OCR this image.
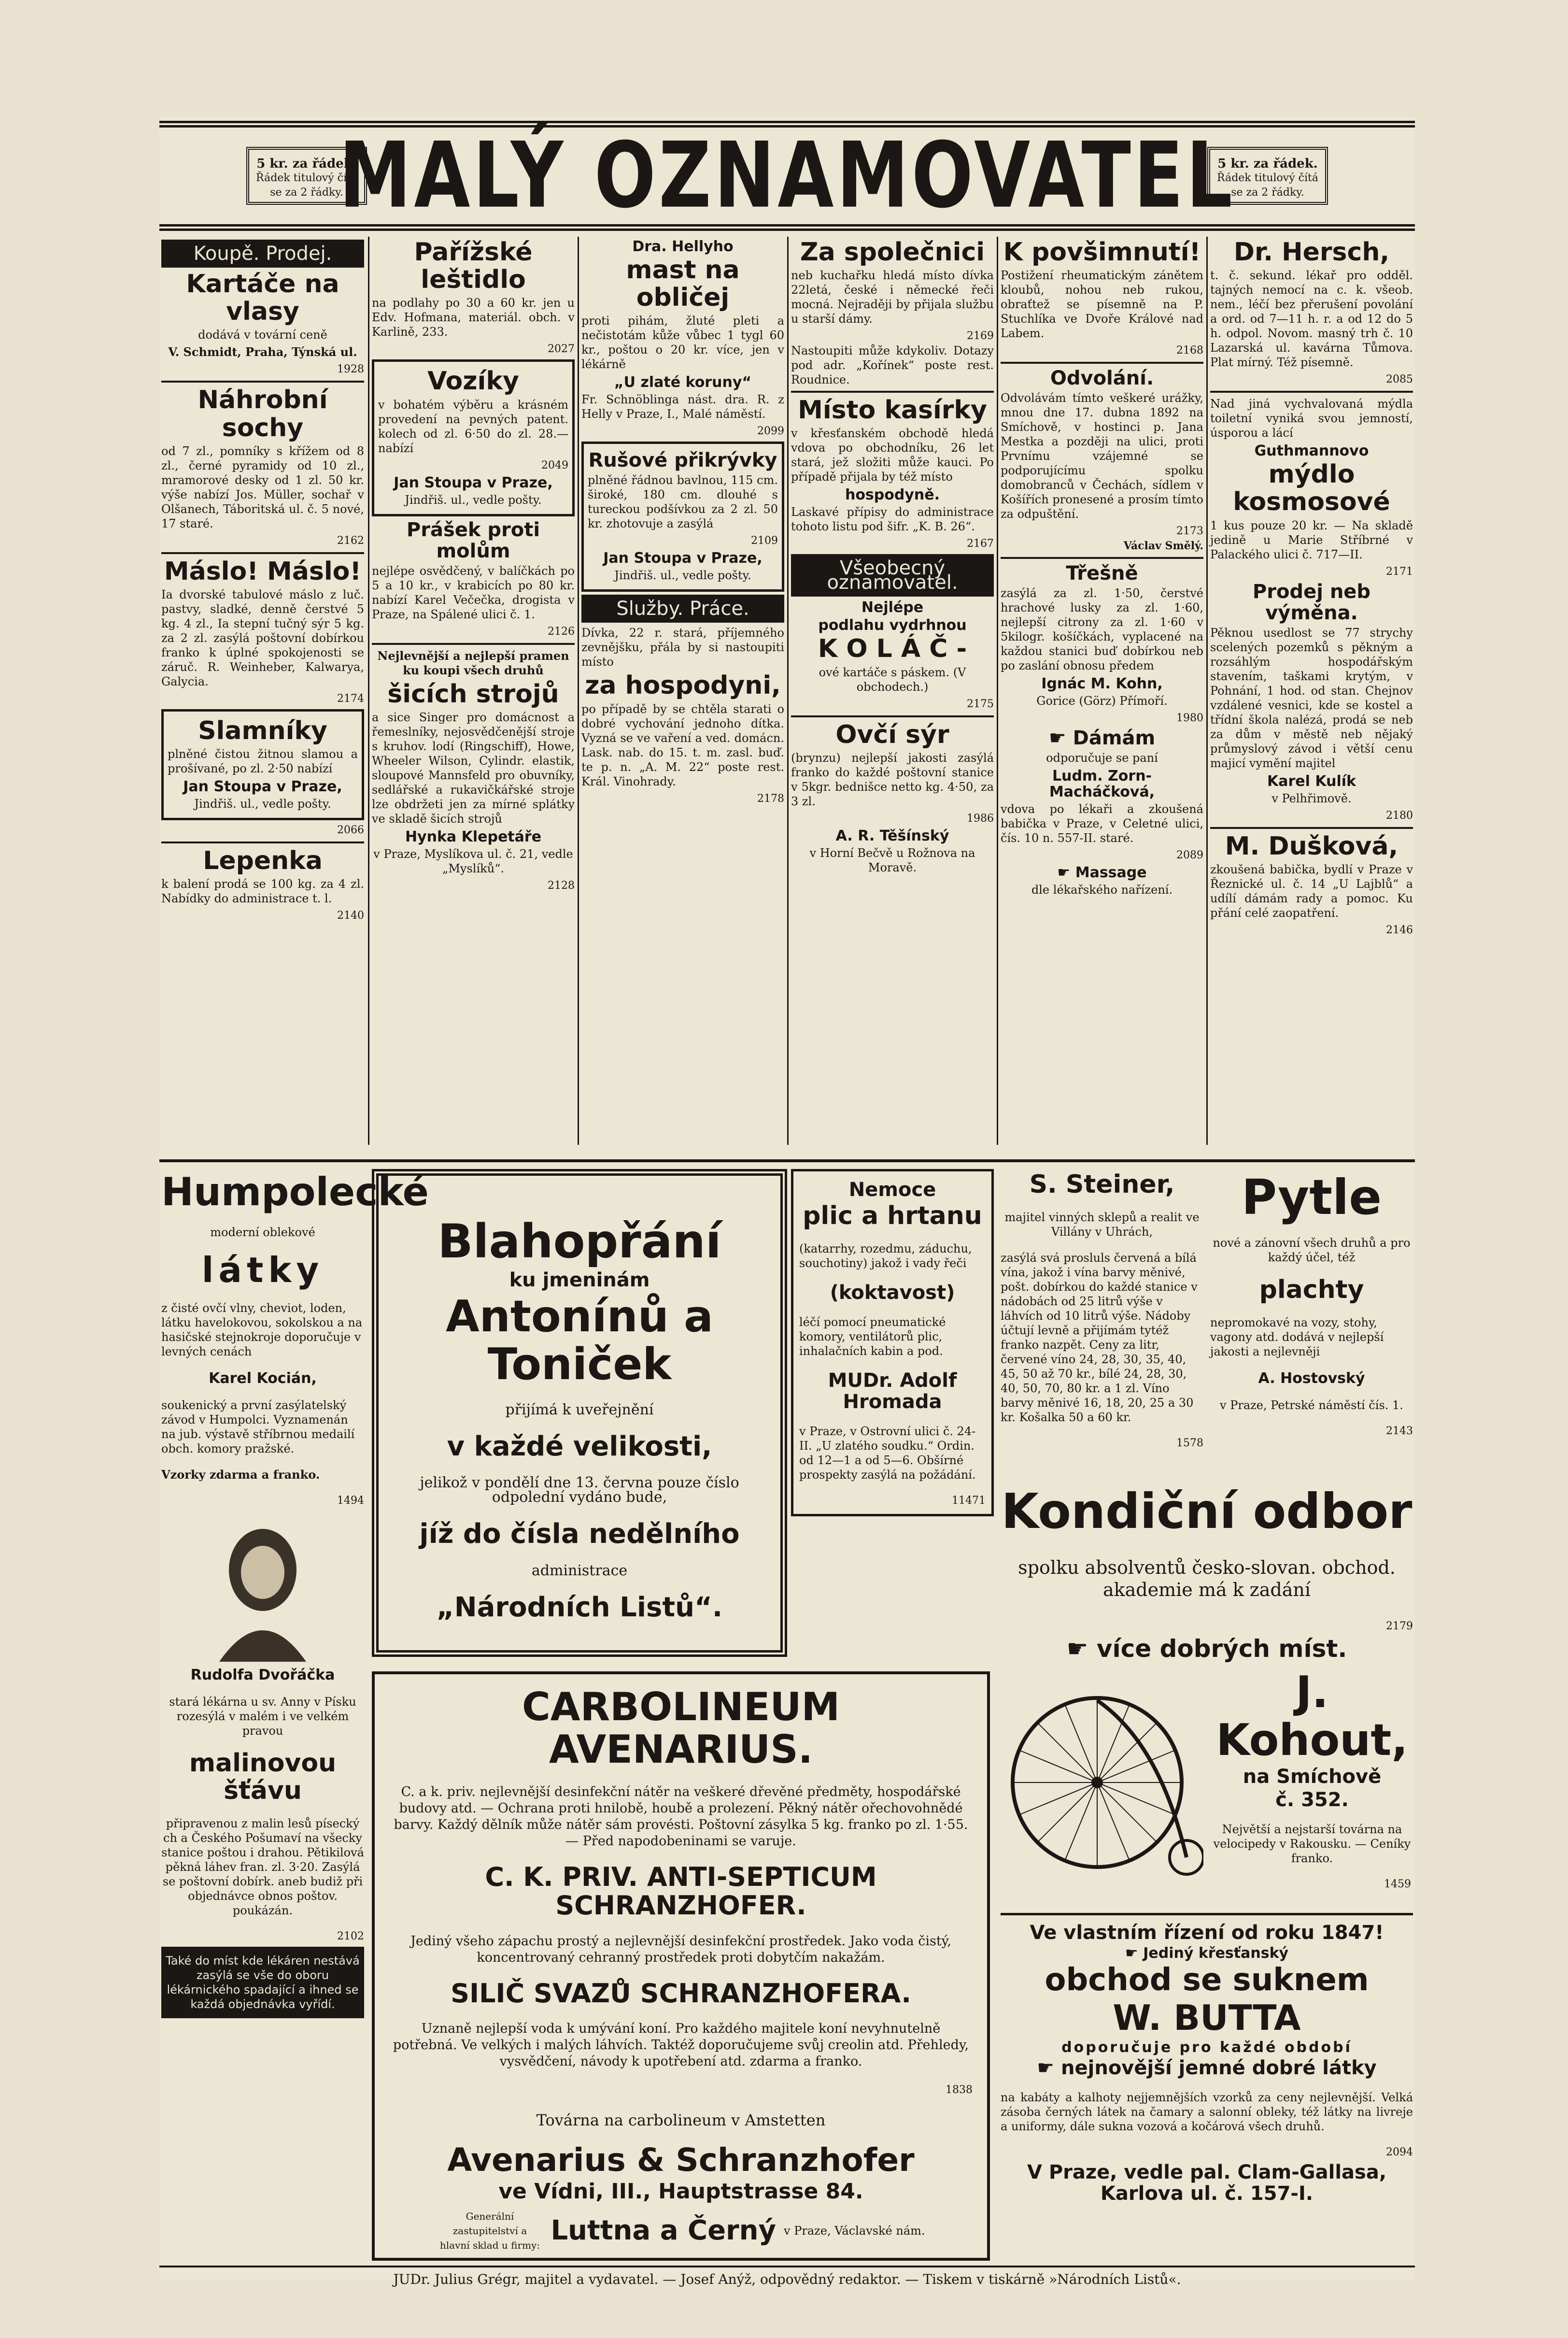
5 kr. za řádek.
Řádek titulový čítá se za 2 řádky.
MALÝ OZNAMOVATEL
5 kr. za řádek.
Řádek titulový čítá se za 2 řádky.
Koupě. Prodej.
Kartáče na vlasy

dodává v tovární ceně

V. Schmidt, Praha, Týnská ul.

1928
Náhrobní sochy

od 7 zl., pomníky s křížem od 8 zl., černé pyramidy od 10 zl., mramorové desky od 1 zl. 50 kr. výše nabízí Jos. Müller, sochař v Olšanech, Táboritská ul. č. 5 nové, 17 staré.

2162
Máslo! Máslo!

Ia dvorské tabulové máslo z luč. pastvy, sladké, denně čerstvé 5 kg. 4 zl., Ia stepní tučný sýr 5 kg. za 2 zl. zasýlá poštovní dobírkou franko k úplné spokojenosti se záruč. R. Weinheber, Kalwarya, Galycia.

2174
Slamníky

plněné čistou žitnou slamou a prošívané, po zl. 2·50 nabízí

Jan Stoupa v Praze,

Jindřiš. ul., vedle pošty.

2066
Lepenka

k balení prodá se 100 kg. za 4 zl. Nabídky do administrace t. l.

2140
Pařížské leštidlo

na podlahy po 30 a 60 kr. jen u Edv. Hofmana, materiál. obch. v Karlině, 233.

2027
Vozíky

v bohatém výběru a krásném provedení na pevných patent. kolech od zl. 6·50 do zl. 28.— nabízí

2049
Jan Stoupa v Praze,

Jindřiš. ul., vedle pošty.

Prášek proti molům

nejlépe osvědčený, v balíčkách po 5 a 10 kr., v krabicích po 80 kr. nabízí Karel Večečka, drogista v Praze, na Spálené ulici č. 1.

2126

Nejlevnější a nejlepší pramen ku koupi všech druhů

šicích strojů

a sice Singer pro domácnost a řemeslníky, nejosvědčenější stroje s kruhov. lodí (Ringschiff), Howe, Wheeler Wilson, Cylindr. elastik, sloupové Mannsfeld pro obuvníky, sedlářské a rukavičkářské stroje lze obdržeti jen za mírné splátky ve skladě šicích strojů

Hynka Klepetáře

v Praze, Myslíkova ul. č. 21, vedle „Myslíků“.

2128
Dra. Hellyho
mast na obličej

proti pihám, žluté pleti a nečistotám kůže vůbec 1 tygl 60 kr., poštou o 20 kr. více, jen v lékárně

„U zlaté koruny“

Fr. Schnöblinga nást. dra. R. z Helly v Praze, I., Malé náměstí.

2099
Rušové přikrývky

plněné řádnou bavlnou, 115 cm. široké, 180 cm. dlouhé s tureckou podšívkou za 2 zl. 50 kr. zhotovuje a zasýlá

2109
Jan Stoupa v Praze,

Jindřiš. ul., vedle pošty.

Služby. Práce.

Dívka, 22 r. stará, příjemného zevnějšku, přála by si nastoupiti místo

za hospodyni,

po případě by se chtěla starati o dobré vychování jednoho dítka. Vyzná se ve vaření a ved. domácn. Lask. nab. do 15. t. m. zasl. buď. te p. n. „A. M. 22“ poste rest. Král. Vinohrady.

2178
Za společnici

neb kuchařku hledá místo dívka 22letá, české i německé řeči mocná. Nejraději by přijala službu u starší dámy.

2169

Nastoupiti může kdykoliv. Dotazy pod adr. „Kořínek“ poste rest. Roudnice.

Místo kasírky

v křesťanském obchodě hledá vdova po obchodníku, 26 let stará, jež složiti může kauci. Po případě přijala by též místo

hospodyně.

Laskavé přípisy do administrace tohoto listu pod šifr. „K. B. 26“.

2167
Všeobecný oznamovatel.
Nejlépe
podlahu vydrhnou
K O L Á Č -

ové kartáče s páskem. (V obchodech.)

2175
Ovčí sýr

(brynzu) nejlepší jakosti zasýlá franko do každé poštovní stanice v 5kgr. bednišce netto kg. 4·50, za 3 zl.

1986
A. R. Těšínský

v Horní Bečvě u Rožnova na Moravě.

K povšimnutí!

Postižení rheumatickým zánětem kloubů, nohou neb rukou, obraťtež se písemně na P. Stuchlíka ve Dvoře Králové nad Labem.

2168
Odvolání.

Odvolávám tímto veškeré urážky, mnou dne 17. dubna 1892 na Smíchově, v hostinci p. Jana Mestka a později na ulici, proti Prvnímu vzájemné se podporujícímu spolku domobranců v Čechách, sídlem v Košířích pronesené a prosím tímto za odpuštění.

2173
Václav Smělý.
Třešně

zasýlá za zl. 1·50, čerstvé hrachové lusky za zl. 1·60, nejlepší citrony za zl. 1·60 v 5kilogr. košíčkách, vyplacené na každou stanici buď dobírkou neb po zaslání obnosu předem

Ignác M. Kohn,

Gorice (Görz) Přímoří.

1980
☛ Dámám

odporučuje se paní

Ludm. Zorn-Macháčková,

vdova po lékaři a zkoušená babička v Praze, v Celetné ulici, čís. 10 n. 557-II. staré.

2089
☛ Massage

dle lékařského nařízení.

Dr. Hersch,

t. č. sekund. lékař pro odděl. tajných nemocí na c. k. všeob. nem., léčí bez přerušení povolání a ord. od 7—11 h. r. a od 12 do 5 h. odpol. Novom. masný trh č. 10 Lazarská ul. kavárna Tůmova. Plat mírný. Též písemně.

2085

Nad jiná vychvalovaná mýdla toiletní vyniká svou jemností, úsporou a lácí

Guthmannovo
mýdlo kosmosové

1 kus pouze 20 kr. — Na skladě jedině u Marie Stříbrné v Palackého ulici č. 717—II.

2171
Prodej neb výměna.

Pěknou usedlost se 77 strychy scelených pozemků s pěkným a rozsáhlým hospodářským stavením, taškami krytým, v Pohnání, 1 hod. od stan. Chejnov vzdálené vesnici, kde se kostel a třídní škola nalézá, prodá se neb za dům v městě neb nějaký průmyslový závod i větší cenu majicí vymění majitel

Karel Kulík

v Pelhřimově.

2180
M. Dušková,

zkoušená babička, bydlí v Praze v Řeznické ul. č. 14 „U Lajblů“ a udílí dámám rady a pomoc. Ku přání celé zaopatření.

2146
Humpolecké

moderní oblekové

látky

z čisté ovčí vlny, cheviot, loden, látku havelokovou, sokolskou a na hasičské stejnokroje doporučuje v levných cenách

Karel Kocián,

soukenický a první zasýlatelský závod v Humpolci. Vyznamenán na jub. výstavě stříbrnou medailí obch. komory pražské.

Vzorky zdarma a franko.

1494
Rudolfa Dvořáčka

stará lékárna u sv. Anny v Písku rozesýlá v malém i ve velkém pravou

malinovou šťávu

připravenou z malin lesů písecký ch a Českého Pošumaví na všecky stanice poštou i drahou. Pětikilová pěkná láhev fran. zl. 3·20. Zasýlá se poštovní dobírk. aneb budiž při objednávce obnos poštov. poukázán.

2102

Také do míst kde lékáren nestává zasýlá se vše do oboru lékárnického spadající a ihned se každá objednávka vyřídí.

Blahopřání
ku jmeninám
Antonínů a Toniček

přijímá k uveřejnění

v každé velikosti,

jelikož v pondělí dne 13. června pouze číslo odpolední vydáno bude,

jíž do čísla nedělního

administrace

„Národních Listů“.
Nemoce
plic a hrtanu

(katarrhy, rozedmu, záduchu, souchotiny) jakož i vady řeči

(koktavost)

léčí pomocí pneumatické komory, ventilátorů plic, inhalačních kabin a pod.

MUDr. Adolf Hromada

v Praze, v Ostrovní ulici č. 24-II. „U zlatého soudku.“ Ordin. od 12—1 a od 5—6. Obšírné prospekty zasýlá na požádání.

11471
S. Steiner,

majitel vinných sklepů a realit ve Villány v Uhrách,

zasýlá svá prosluls červená a bílá vína, jakož i vína barvy měnivé, pošt. dobírkou do každé stanice v nádobách od 25 litrů výše v láhvích od 10 litrů výše. Nádoby účtují levně a přijímám tytéž franko nazpět. Ceny za litr, červené víno 24, 28, 30, 35, 40, 45, 50 až 70 kr., bílé 24, 28, 30, 40, 50, 70, 80 kr. a 1 zl. Víno barvy měnivé 16, 18, 20, 25 a 30 kr. Košalka 50 a 60 kr.

1578
Pytle

nové a zánovní všech druhů a pro každý účel, též

plachty

nepromokavé na vozy, stohy, vagony atd. dodává v nejlepší jakosti a nejlevněji

A. Hostovský

v Praze, Petrské náměstí čís. 1.

2143
Kondiční odbor

spolku absolventů česko-slovan. obchod. akademie má k zadání

2179
☛ více dobrých míst.
CARBOLINEUM AVENARIUS.

C. a k. priv. nejlevnější desinfekční nátěr na veškeré dřevěné předměty, hospodářské budovy atd. — Ochrana proti hnilobě, houbě a prolezení. Pěkný nátěr ořechovohnědé barvy. Každý dělník může nátěr sám provésti. Poštovní zásylka 5 kg. franko po zl. 1·55. — Před napodobeninami se varuje.

C. K. PRIV. ANTI-SEPTICUM SCHRANZHOFER.

Jediný všeho zápachu prostý a nejlevnější desinfekční prostředek. Jako voda čistý, koncentrovaný cehranný prostředek proti dobytčím nakažám.

SILIČ SVAZŮ SCHRANZHOFERA.

Uznaně nejlepší voda k umývání koní. Pro každého majitele koní nevyhnutelně potřebná. Ve velkých i malých láhvích. Taktéž doporučujeme svůj creolin atd. Přehledy, vysvědčení, návody k upotřebení atd. zdarma a franko.

1838

Továrna na carbolineum v Amstetten

Avenarius & Schranzhofer
ve Vídni, III., Hauptstrasse 84.
Generální zastupitelství a hlavní sklad u firmy: Luttna a Černý v Praze, Václavské nám.
J. Kohout,
na Smíchově
č. 352.

Největší a nejstarší továrna na velocipedy v Rakousku. — Ceníky franko.

1459
Ve vlastním řízení od roku 1847!
☛ Jediný křesťanský
obchod se suknem
W. BUTTA
doporučuje pro každé období
☛ nejnovější jemné dobré látky

na kabáty a kalhoty nejjemnějších vzorků za ceny nejlevnější. Velká zásoba černých látek na čamary a salonní obleky, též látky na livreje a uniformy, dále sukna vozová a kočárová všech druhů.

2094
V Praze, vedle pal. Clam-Gallasa, Karlova ul. č. 157-I.
JUDr. Julius Grégr, majitel a vydavatel. — Josef Anýž, odpovědný redaktor. — Tiskem v tiskárně »Národních Listů«.
